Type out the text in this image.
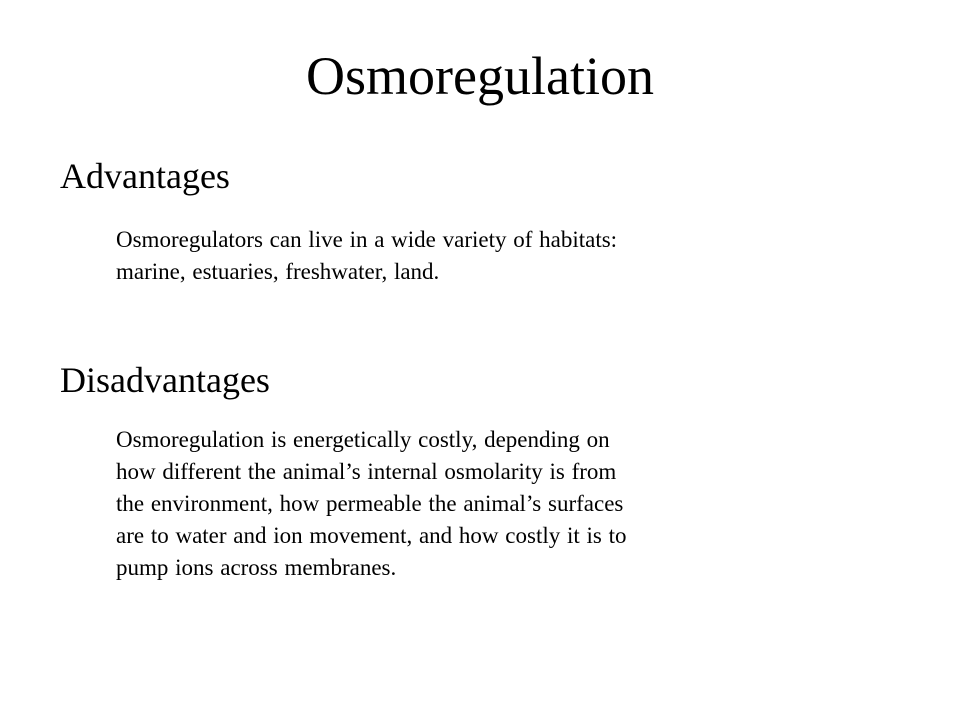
Osmoregulation
Advantages

Osmoregulators can live in a wide variety of habitats:
marine, estuaries, freshwater, land.

Disadvantages

Osmoregulation is energetically costly, depending on
how different the animal’s internal osmolarity is from
the environment, how permeable the animal’s surfaces
are to water and ion movement, and how costly it is to
pump ions across membranes.
